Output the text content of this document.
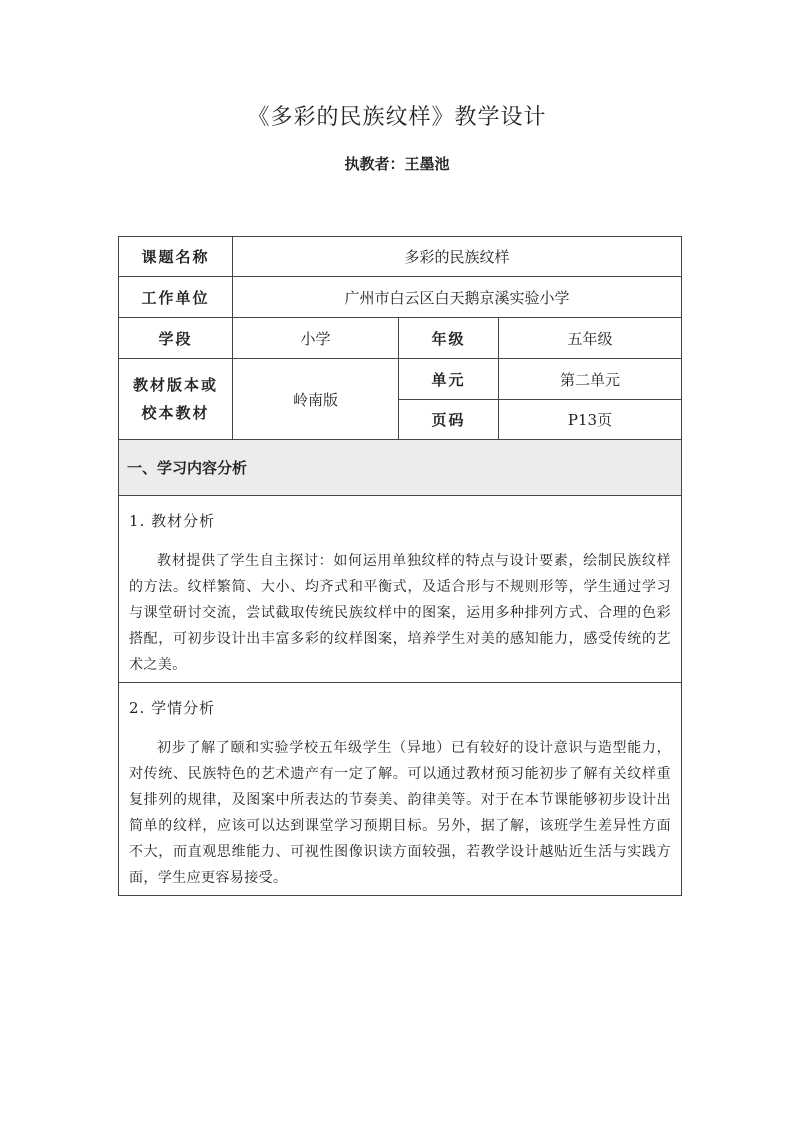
《多彩的民族纹样》教学设计
执教者：王墨池
课题名称	多彩的民族纹样		
工作单位	广州市白云区白天鹅京溪实验小学		
学段	小学	年级	五年级

教材版本或
校本教材	岭南版	单元	第二单元
		页码	P13页
一、学习内容分析			

1. 教材分析

教材提供了学生自主探讨：如何运用单独纹样的特点与设计要素，绘制民族纹样的方法。纹样繁简、大小、均齐式和平衡式，及适合形与不规则形等，学生通过学习与课堂研讨交流，尝试截取传统民族纹样中的图案，运用多种排列方式、合理的色彩搭配，可初步设计出丰富多彩的纹样图案，培养学生对美的感知能力，感受传统的艺术之美。			

2. 学情分析

初步了解了颐和实验学校五年级学生（异地）已有较好的设计意识与造型能力，对传统、民族特色的艺术遗产有一定了解。可以通过教材预习能初步了解有关纹样重复排列的规律，及图案中所表达的节奏美、韵律美等。对于在本节课能够初步设计出简单的纹样，应该可以达到课堂学习预期目标。另外，据了解，该班学生差异性方面不大，而直观思维能力、可视性图像识读方面较强，若教学设计越贴近生活与实践方面，学生应更容易接受。			
